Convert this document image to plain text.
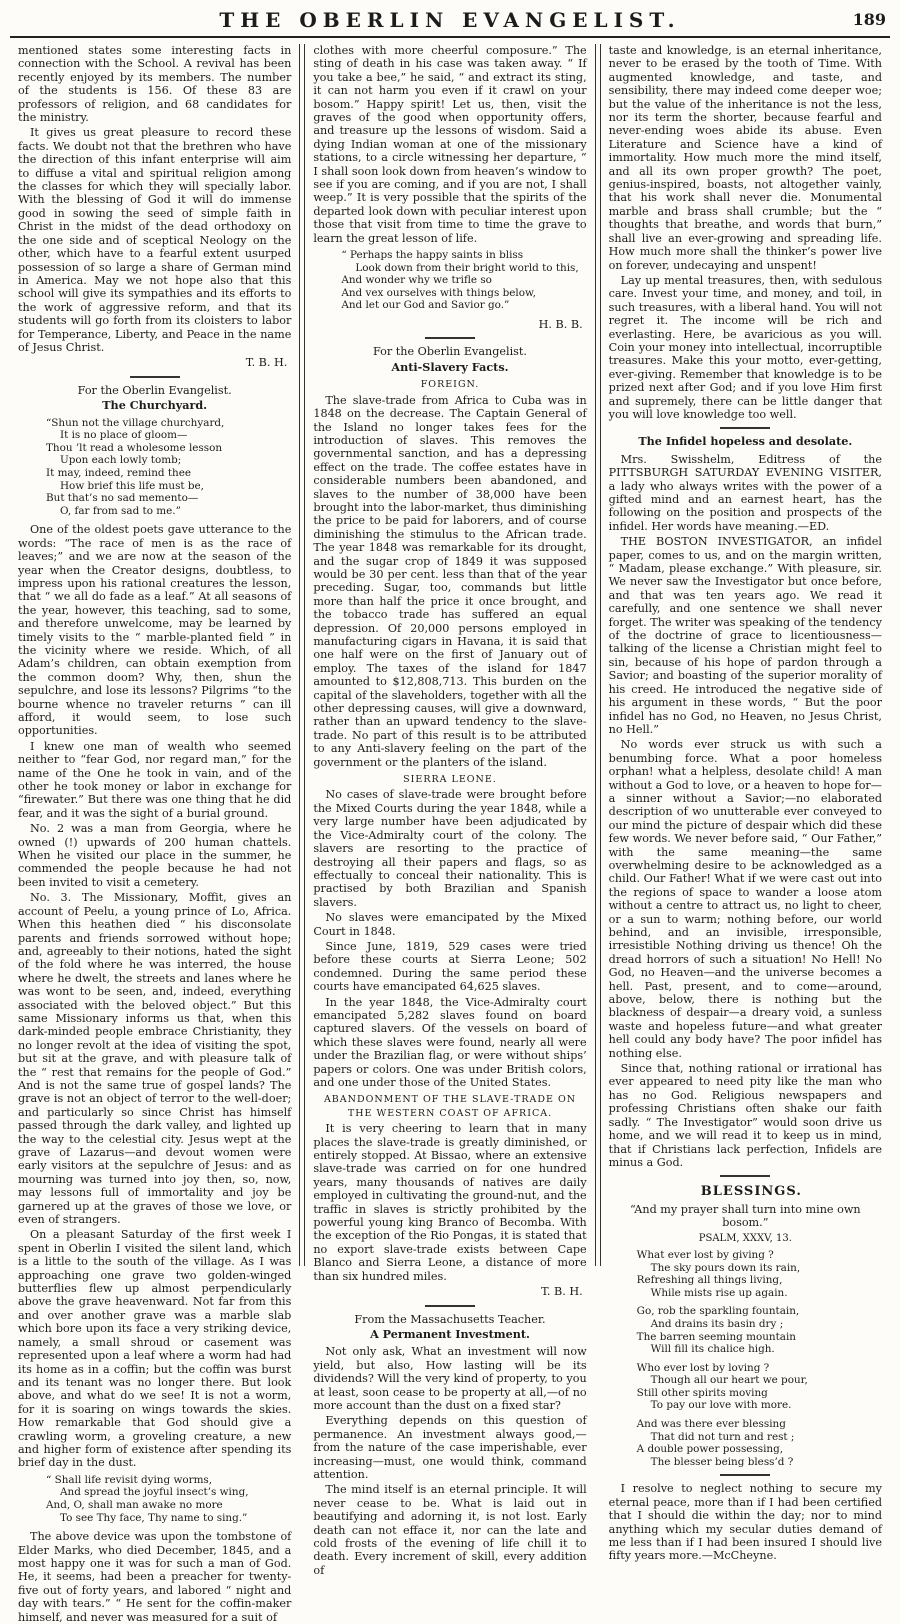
THE OBERLIN EVANGELIST.	189

mentioned states some interesting facts in connection with the School. A revival has been recently enjoyed by its members. The number of the students is 156. Of these 83 are professors of religion, and 68 candidates for the ministry.

It gives us great pleasure to record these facts. We doubt not that the brethren who have the direction of this infant enterprise will aim to diffuse a vital and spiritual religion among the classes for which they will specially labor. With the blessing of God it will do immense good in sowing the seed of simple faith in Christ in the midst of the dead orthodoxy on the one side and of sceptical Neology on the other, which have to a fearful extent usurped possession of so large a share of German mind in America. May we not hope also that this school will give its sympathies and its efforts to the work of aggressive reform, and that its students will go forth from its cloisters to labor for Temperance, Liberty, and Peace in the name of Jesus Christ.

T. B. H.

For the Oberlin Evangelist.

The Churchyard.

“Shun not the village churchyard,
It is no place of gloom—
Thou ’lt read a wholesome lesson
Upon each lowly tomb;
It may, indeed, remind thee
How brief this life must be,
But that’s no sad memento—
O, far from sad to me.”

One of the oldest poets gave utterance to the words: “The race of men is as the race of leaves;” and we are now at the season of the year when the Creator designs, doubtless, to impress upon his rational creatures the lesson, that “ we all do fade as a leaf.” At all seasons of the year, however, this teaching, sad to some, and therefore unwelcome, may be learned by timely visits to the “ marble-planted field ” in the vicinity where we reside. Which, of all Adam’s children, can obtain exemption from the common doom? Why, then, shun the sepulchre, and lose its lessons? Pilgrims “to the bourne whence no traveler returns ” can ill afford, it would seem, to lose such opportunities.

I knew one man of wealth who seemed neither to “fear God, nor regard man,” for the name of the One he took in vain, and of the other he took money or labor in exchange for “firewater.” But there was one thing that he did fear, and it was the sight of a burial ground.

No. 2 was a man from Georgia, where he owned (!) upwards of 200 human chattels. When he visited our place in the summer, he commended the people because he had not been invited to visit a cemetery.

No. 3. The Missionary, Moffit, gives an account of Peelu, a young prince of Lo, Africa. When this heathen died “ his disconsolate parents and friends sorrowed without hope; and, agreeably to their notions, hated the sight of the fold where he was interred, the house where he dwelt, the streets and lanes where he was wont to be seen, and, indeed, everything associated with the beloved object.” But this same Missionary informs us that, when this dark-minded people embrace Christianity, they no longer revolt at the idea of visiting the spot, but sit at the grave, and with pleasure talk of the “ rest that remains for the people of God.” And is not the same true of gospel lands? The grave is not an object of terror to the well-doer; and particularly so since Christ has himself passed through the dark valley, and lighted up the way to the celestial city. Jesus wept at the grave of Lazarus—and devout women were early visitors at the sepulchre of Jesus: and as mourning was turned into joy then, so, now, may lessons full of immortality and joy be garnered up at the graves of those we love, or even of strangers.

On a pleasant Saturday of the first week I spent in Oberlin I visited the silent land, which is a little to the south of the village. As I was approaching one grave two golden-winged butterflies flew up almost perpendicularly above the grave heavenward. Not far from this and over another grave was a marble slab which bore upon its face a very striking device, namely, a small shroud or casement was represented upon a leaf where a worm had had its home as in a coffin; but the coffin was burst and its tenant was no longer there. But look above, and what do we see! It is not a worm, for it is soaring on wings towards the skies. How remarkable that God should give a crawling worm, a groveling creature, a new and higher form of existence after spending its brief day in the dust.

“ Shall life revisit dying worms,
And spread the joyful insect’s wing,
And, O, shall man awake no more
To see Thy face, Thy name to sing.”

The above device was upon the tombstone of Elder Marks, who died December, 1845, and a most happy one it was for such a man of God. He, it seems, had been a preacher for twenty-five out of forty years, and labored “ night and day with tears.” “ He sent for the coffin-maker himself, and never was measured for a suit of

clothes with more cheerful composure.” The sting of death in his case was taken away. “ If you take a bee,” he said, “ and extract its sting, it can not harm you even if it crawl on your bosom.” Happy spirit! Let us, then, visit the graves of the good when opportunity offers, and treasure up the lessons of wisdom. Said a dying Indian woman at one of the missionary stations, to a circle witnessing her departure, “ I shall soon look down from heaven’s window to see if you are coming, and if you are not, I shall weep.” It is very possible that the spirits of the departed look down with peculiar interest upon those that visit from time to time the grave to learn the great lesson of life.

“ Perhaps the happy saints in bliss
Look down from their bright world to this,
And wonder why we trifle so
And vex ourselves with things below,
And let our God and Savior go.”

H. B. B.

For the Oberlin Evangelist.

Anti-Slavery Facts.

FOREIGN.

The slave-trade from Africa to Cuba was in 1848 on the decrease. The Captain General of the Island no longer takes fees for the introduction of slaves. This removes the governmental sanction, and has a depressing effect on the trade. The coffee estates have in considerable numbers been abandoned, and slaves to the number of 38,000 have been brought into the labor-market, thus diminishing the price to be paid for laborers, and of course diminishing the stimulus to the African trade. The year 1848 was remarkable for its drought, and the sugar crop of 1849 it was supposed would be 30 per cent. less than that of the year preceding. Sugar, too, commands but little more than half the price it once brought, and the tobacco trade has suffered an equal depression. Of 20,000 persons employed in manufacturing cigars in Havana, it is said that one half were on the first of January out of employ. The taxes of the island for 1847 amounted to $12,808,713. This burden on the capital of the slaveholders, together with all the other depressing causes, will give a downward, rather than an upward tendency to the slave-trade. No part of this result is to be attributed to any Anti-slavery feeling on the part of the government or the planters of the island.

SIERRA LEONE.

No cases of slave-trade were brought before the Mixed Courts during the year 1848, while a very large number have been adjudicated by the Vice-Admiralty court of the colony. The slavers are resorting to the practice of destroying all their papers and flags, so as effectually to conceal their nationality. This is practised by both Brazilian and Spanish slavers.

No slaves were emancipated by the Mixed Court in 1848.

Since June, 1819, 529 cases were tried before these courts at Sierra Leone; 502 condemned. During the same period these courts have emancipated 64,625 slaves.

In the year 1848, the Vice-Admiralty court emancipated 5,282 slaves found on board captured slavers. Of the vessels on board of which these slaves were found, nearly all were under the Brazilian flag, or were without ships’ papers or colors. One was under British colors, and one under those of the United States.

ABANDONMENT OF THE SLAVE-TRADE ON THE WESTERN COAST OF AFRICA.

It is very cheering to learn that in many places the slave-trade is greatly diminished, or entirely stopped. At Bissao, where an extensive slave-trade was carried on for one hundred years, many thousands of natives are daily employed in cultivating the ground-nut, and the traffic in slaves is strictly prohibited by the powerful young king Branco of Becomba. With the exception of the Rio Pongas, it is stated that no export slave-trade exists between Cape Blanco and Sierra Leone, a distance of more than six hundred miles.

T. B. H.

From the Massachusetts Teacher.

A Permanent Investment.

Not only ask, What an investment will now yield, but also, How lasting will be its dividends? Will the very kind of property, to you at least, soon cease to be property at all,—of no more account than the dust on a fixed star?

Everything depends on this question of permanence. An investment always good,—from the nature of the case imperishable, ever increasing—must, one would think, command attention.

The mind itself is an eternal principle. It will never cease to be. What is laid out in beautifying and adorning it, is not lost. Early death can not efface it, nor can the late and cold frosts of the evening of life chill it to death. Every increment of skill, every addition of

taste and knowledge, is an eternal inheritance, never to be erased by the tooth of Time. With augmented knowledge, and taste, and sensibility, there may indeed come deeper woe; but the value of the inheritance is not the less, nor its term the shorter, because fearful and never-ending woes abide its abuse. Even Literature and Science have a kind of immortality. How much more the mind itself, and all its own proper growth? The poet, genius-inspired, boasts, not altogether vainly, that his work shall never die. Monumental marble and brass shall crumble; but the “ thoughts that breathe, and words that burn,” shall live an ever-growing and spreading life. How much more shall the thinker’s power live on forever, undecaying and unspent!

Lay up mental treasures, then, with sedulous care. Invest your time, and money, and toil, in such treasures, with a liberal hand. You will not regret it. The income will be rich and everlasting. Here, be avaricious as you will. Coin your money into intellectual, incorruptible treasures. Make this your motto, ever-getting, ever-giving. Remember that knowledge is to be prized next after God; and if you love Him first and supremely, there can be little danger that you will love knowledge too well.

The Infidel hopeless and desolate.

Mrs. Swisshelm, Editress of the PITTSBURGH SATURDAY EVENING VISITER, a lady who always writes with the power of a gifted mind and an earnest heart, has the following on the position and prospects of the infidel. Her words have meaning.—ED.

THE BOSTON INVESTIGATOR, an infidel paper, comes to us, and on the margin written, “ Madam, please exchange.” With pleasure, sir. We never saw the Investigator but once before, and that was ten years ago. We read it carefully, and one sentence we shall never forget. The writer was speaking of the tendency of the doctrine of grace to licentiousness—talking of the license a Christian might feel to sin, because of his hope of pardon through a Savior; and boasting of the superior morality of his creed. He introduced the negative side of his argument in these words, “ But the poor infidel has no God, no Heaven, no Jesus Christ, no Hell.”

No words ever struck us with such a benumbing force. What a poor homeless orphan! what a helpless, desolate child! A man without a God to love, or a heaven to hope for—a sinner without a Savior;—no elaborated description of wo unutterable ever conveyed to our mind the picture of despair which did these few words. We never before said, “ Our Father,” with the same meaning—the same overwhelming desire to be acknowledged as a child. Our Father! What if we were cast out into the regions of space to wander a loose atom without a centre to attract us, no light to cheer, or a sun to warm; nothing before, our world behind, and an invisible, irresponsible, irresistible Nothing driving us thence! Oh the dread horrors of such a situation! No Hell! No God, no Heaven—and the universe becomes a hell. Past, present, and to come—around, above, below, there is nothing but the blackness of despair—a dreary void, a sunless waste and hopeless future—and what greater hell could any body have? The poor infidel has nothing else.

Since that, nothing rational or irrational has ever appeared to need pity like the man who has no God. Religious newspapers and professing Christians often shake our faith sadly. “ The Investigator” would soon drive us home, and we will read it to keep us in mind, that if Christians lack perfection, Infidels are minus a God.

BLESSINGS.

“And my prayer shall turn into mine own bosom.”

PSALM, XXXV, 13.

What ever lost by giving ?
The sky pours down its rain,
Refreshing all things living,
While mists rise up again.
Go, rob the sparkling fountain,
And drains its basin dry ;
The barren seeming mountain
Will fill its chalice high.
Who ever lost by loving ?
Though all our heart we pour,
Still other spirits moving
To pay our love with more.
And was there ever blessing
That did not turn and rest ;
A double power possessing,
The blesser being bless’d ?

I resolve to neglect nothing to secure my eternal peace, more than if I had been certified that I should die within the day; nor to mind anything which my secular duties demand of me less than if I had been insured I should live fifty years more.—McCheyne.
